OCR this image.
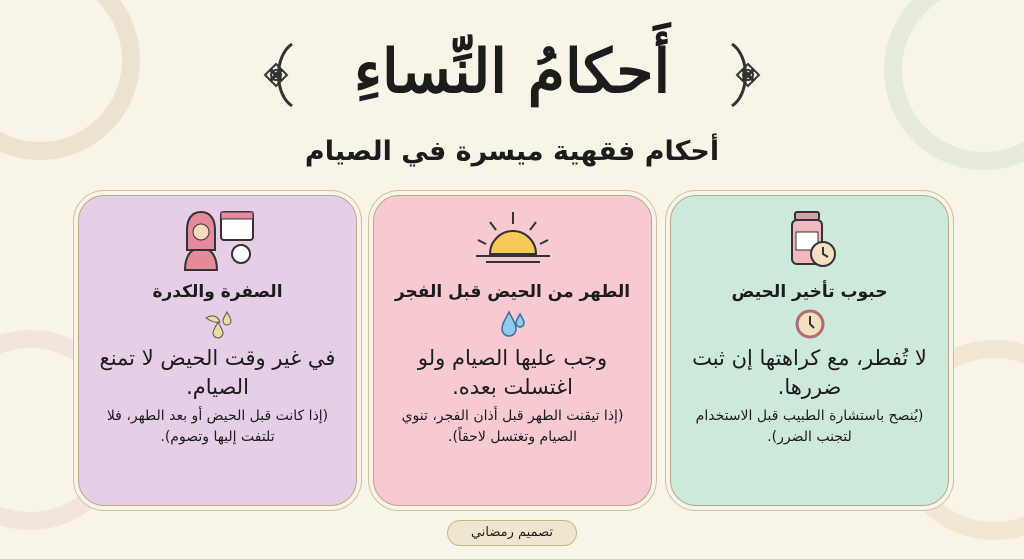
أَحكامُ النِّساءِ
أحكام فقهية ميسرة في الصيام
حبوب تأخير الحيض
لا تُفطر، مع كراهتها إن ثبت ضررها.
(يُنصح باستشارة الطبيب قبل الاستخدام لتجنب الضرر).
الطهر من الحيض قبل الفجر
وجب عليها الصيام ولو اغتسلت بعده.
(إذا تيقنت الطهر قبل أذان الفجر، تنوي الصيام وتغتسل لاحقاً).
الصفرة والكدرة
في غير وقت الحيض لا تمنع الصيام.
(إذا كانت قبل الحيض أو بعد الطهر، فلا تلتفت إليها وتصوم).
تصميم رمضاني
